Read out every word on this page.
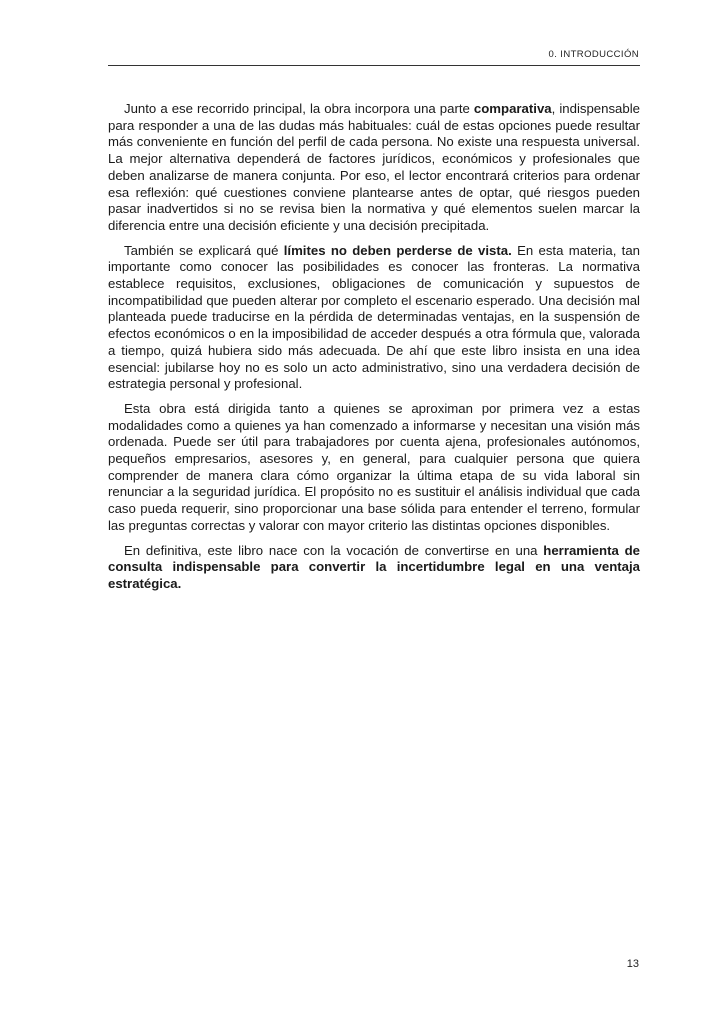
0. INTRODUCCIÓN

Junto a ese recorrido principal, la obra incorpora una parte comparativa, indispensable para responder a una de las dudas más habituales: cuál de estas opciones puede resultar más conveniente en función del perfil de cada persona. No existe una respuesta universal. La mejor alternativa dependerá de factores jurídicos, económicos y profesionales que deben analizarse de manera conjunta. Por eso, el lector encontrará criterios para ordenar esa reflexión: qué cuestiones conviene plantearse antes de optar, qué riesgos pueden pasar inadvertidos si no se revisa bien la normativa y qué elementos suelen marcar la diferencia entre una decisión eficiente y una decisión precipitada.

También se explicará qué límites no deben perderse de vista. En esta materia, tan importante como conocer las posibilidades es conocer las fronteras. La normativa establece requisitos, exclusiones, obligaciones de comunicación y supuestos de incompatibilidad que pueden alterar por completo el escenario esperado. Una decisión mal planteada puede traducirse en la pérdida de determinadas ventajas, en la suspensión de efectos económicos o en la imposibilidad de acceder después a otra fórmula que, valorada a tiempo, quizá hubiera sido más adecuada. De ahí que este libro insista en una idea esencial: jubilarse hoy no es solo un acto administrativo, sino una verdadera decisión de estrategia personal y profesional.

Esta obra está dirigida tanto a quienes se aproximan por primera vez a estas modalidades como a quienes ya han comenzado a informarse y necesitan una visión más ordenada. Puede ser útil para trabajadores por cuenta ajena, profesionales autónomos, pequeños empresarios, asesores y, en general, para cualquier persona que quiera comprender de manera clara cómo organizar la última etapa de su vida laboral sin renunciar a la seguridad jurídica. El propósito no es sustituir el análisis individual que cada caso pueda requerir, sino proporcionar una base sólida para entender el terreno, formular las preguntas correctas y valorar con mayor criterio las distintas opciones disponibles.

En definitiva, este libro nace con la vocación de convertirse en una herramienta de consulta indispensable para convertir la incertidumbre legal en una ventaja estratégica.

13
